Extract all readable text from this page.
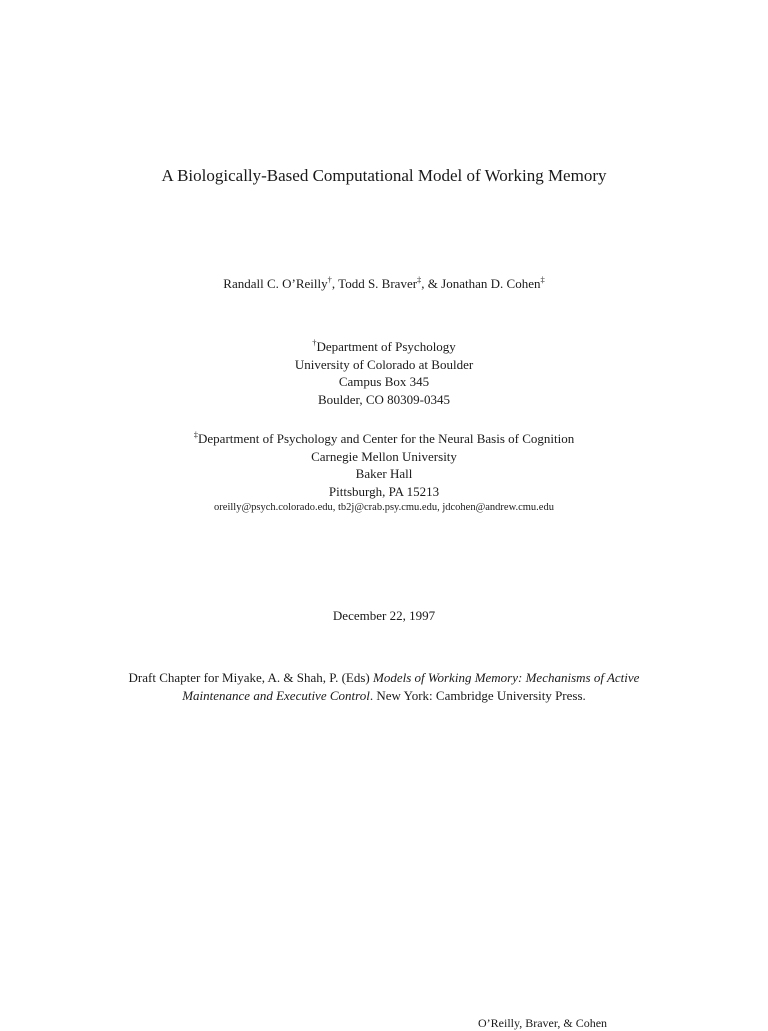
A Biologically-Based Computational Model of Working Memory
Randall C. O’Reilly†, Todd S. Braver‡, & Jonathan D. Cohen‡
†Department of Psychology
University of Colorado at Boulder
Campus Box 345
Boulder, CO 80309-0345
‡Department of Psychology and Center for the Neural Basis of Cognition
Carnegie Mellon University
Baker Hall
Pittsburgh, PA 15213
oreilly@psych.colorado.edu, tb2j@crab.psy.cmu.edu, jdcohen@andrew.cmu.edu
December 22, 1997
Draft Chapter for Miyake, A. & Shah, P. (Eds) Models of Working Memory: Mechanisms of Active
Maintenance and Executive Control. New York: Cambridge University Press.
O’Reilly, Braver, & Cohen
